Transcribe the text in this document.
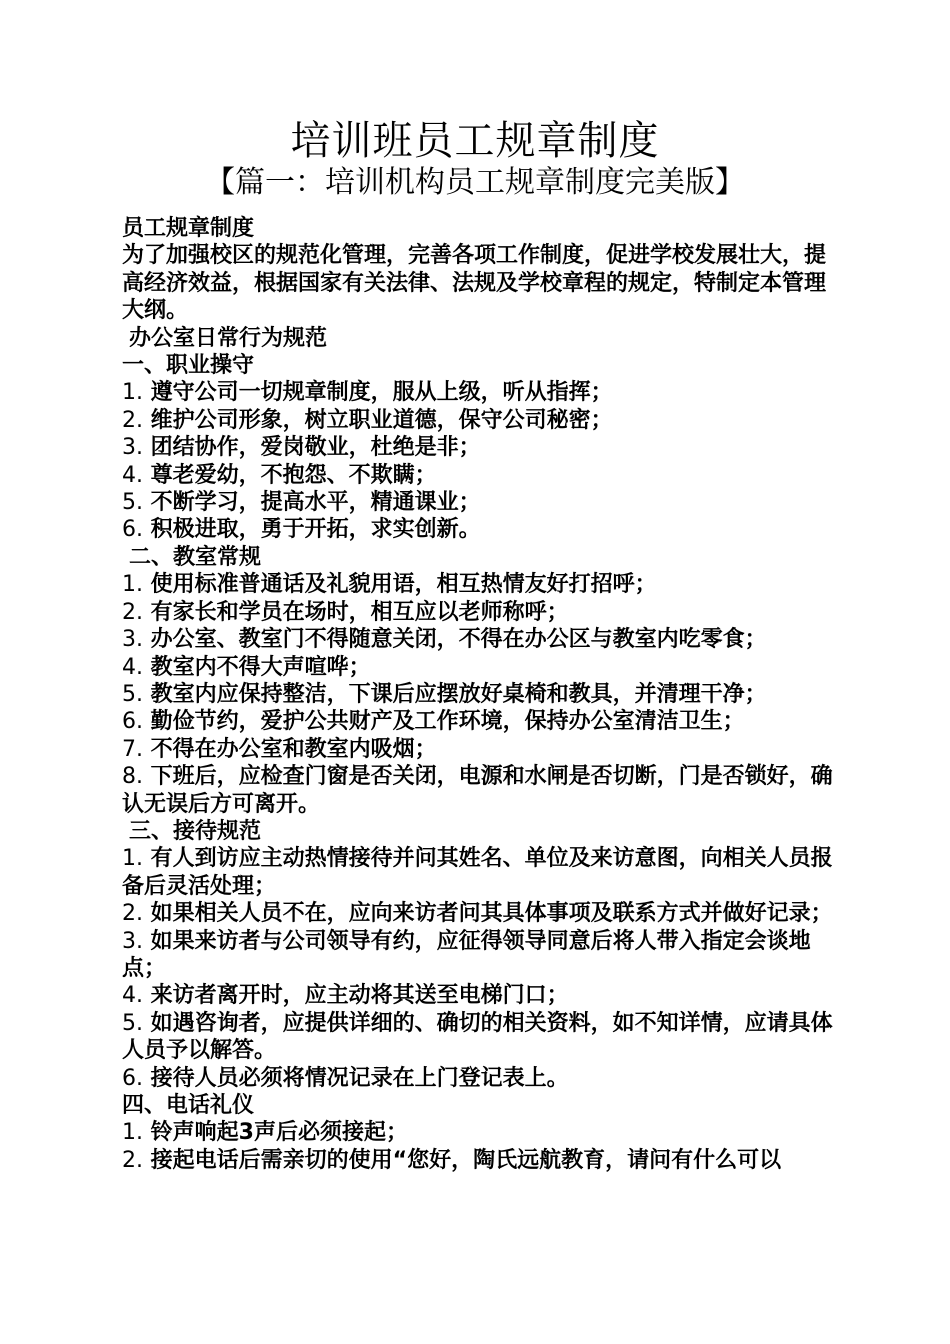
培训班员工规章制度
【篇一：培训机构员工规章制度完美版】

员工规章制度

为了加强校区的规范化管理，完善各项工作制度，促进学校发展壮大，提高经济效益，根据国家有关法律、法规及学校章程的规定，特制定本管理大纲。

办公室日常行为规范

一、职业操守

1. 遵守公司一切规章制度，服从上级，听从指挥；

2. 维护公司形象，树立职业道德，保守公司秘密；

3. 团结协作，爱岗敬业，杜绝是非；

4. 尊老爱幼，不抱怨、不欺瞒；

5. 不断学习，提高水平，精通课业；

6. 积极进取，勇于开拓，求实创新。

二、教室常规

1. 使用标准普通话及礼貌用语，相互热情友好打招呼；

2. 有家长和学员在场时，相互应以老师称呼；

3. 办公室、教室门不得随意关闭，不得在办公区与教室内吃零食；

4. 教室内不得大声喧哗；

5. 教室内应保持整洁，下课后应摆放好桌椅和教具，并清理干净；

6. 勤俭节约，爱护公共财产及工作环境，保持办公室清洁卫生；

7. 不得在办公室和教室内吸烟；

8. 下班后，应检查门窗是否关闭，电源和水闸是否切断，门是否锁好，确认无误后方可离开。

三、接待规范

1. 有人到访应主动热情接待并问其姓名、单位及来访意图，向相关人员报备后灵活处理；

2. 如果相关人员不在，应向来访者问其具体事项及联系方式并做好记录；

3. 如果来访者与公司领导有约，应征得领导同意后将人带入指定会谈地点；

4. 来访者离开时，应主动将其送至电梯门口；

5. 如遇咨询者，应提供详细的、确切的相关资料，如不知详情，应请具体人员予以解答。

6. 接待人员必须将情况记录在上门登记表上。

四、电话礼仪

1. 铃声响起3声后必须接起；

2. 接起电话后需亲切的使用“您好，陶氏远航教育，请问有什么可以
